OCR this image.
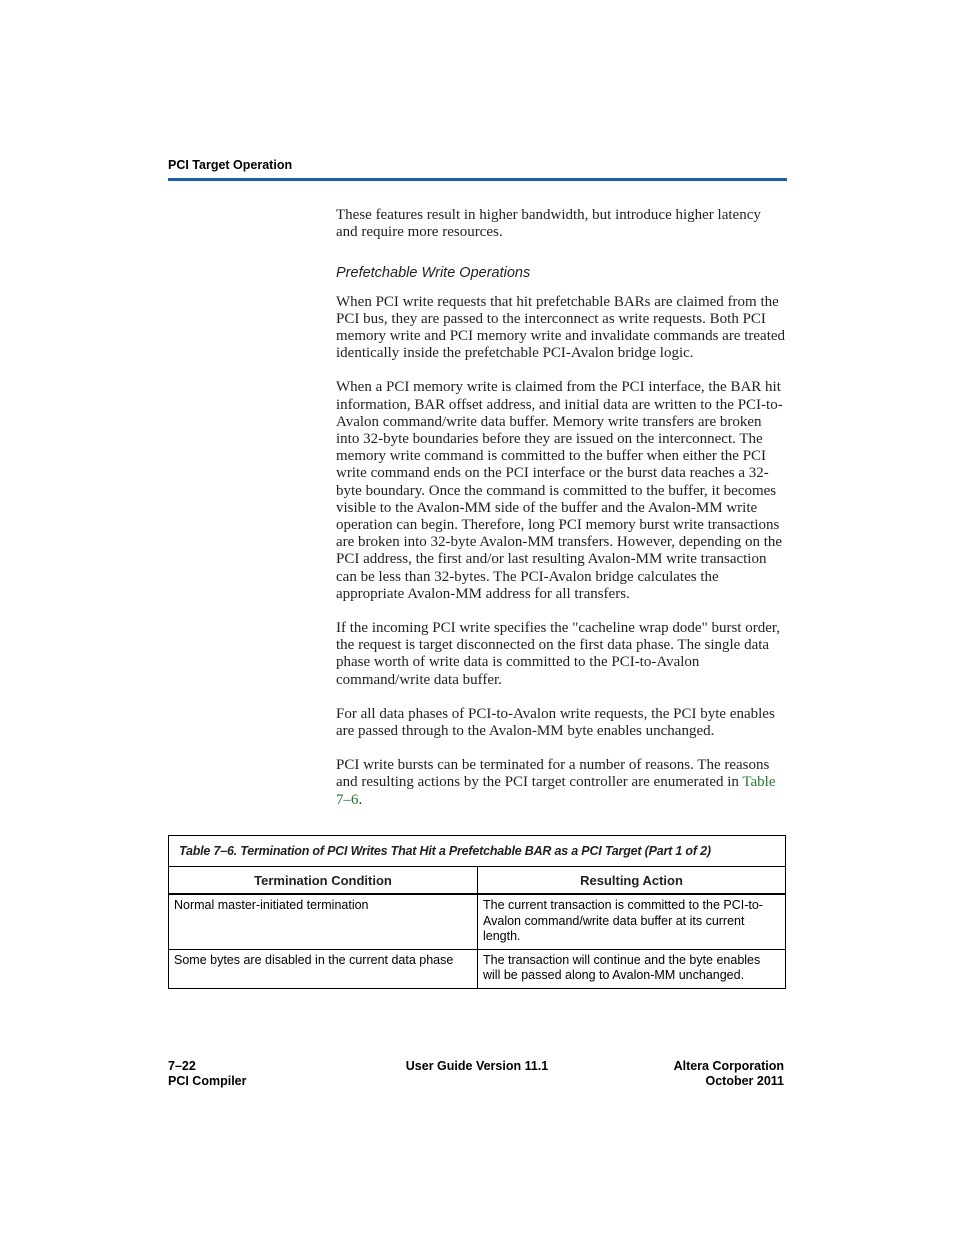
PCI Target Operation

These features result in higher bandwidth, but introduce higher latency and require more resources.

Prefetchable Write Operations

When PCI write requests that hit prefetchable BARs are claimed from the PCI bus, they are passed to the interconnect as write requests. Both PCI memory write and PCI memory write and invalidate commands are treated identically inside the prefetchable PCI-Avalon bridge logic.

When a PCI memory write is claimed from the PCI interface, the BAR hit information, BAR offset address, and initial data are written to the PCI-to-Avalon command/write data buffer. Memory write transfers are broken into 32-byte boundaries before they are issued on the interconnect. The memory write command is committed to the buffer when either the PCI write command ends on the PCI interface or the burst data reaches a 32-byte boundary. Once the command is committed to the buffer, it becomes visible to the Avalon-MM side of the buffer and the Avalon-MM write operation can begin. Therefore, long PCI memory burst write transactions are broken into 32-byte Avalon-MM transfers. However, depending on the PCI address, the first and/or last resulting Avalon-MM write transaction can be less than 32-bytes. The PCI-Avalon bridge calculates the appropriate Avalon-MM address for all transfers.

If the incoming PCI write specifies the "cacheline wrap dode" burst order, the request is target disconnected on the first data phase. The single data phase worth of write data is committed to the PCI-to-Avalon command/write data buffer.

For all data phases of PCI-to-Avalon write requests, the PCI byte enables are passed through to the Avalon-MM byte enables unchanged.

PCI write bursts can be terminated for a number of reasons. The reasons and resulting actions by the PCI target controller are enumerated in Table 7–6.

Table 7–6. Termination of PCI Writes That Hit a Prefetchable BAR as a PCI Target (Part 1 of 2)
Termination Condition	Resulting Action
Normal master-initiated termination	The current transaction is committed to the PCI-to-Avalon command/write data buffer at its current length.
Some bytes are disabled in the current data phase	The transaction will continue and the byte enables will be passed along to Avalon-MM unchanged.
7–22
PCI Compiler
User Guide Version 11.1	Altera Corporation
October 2011
